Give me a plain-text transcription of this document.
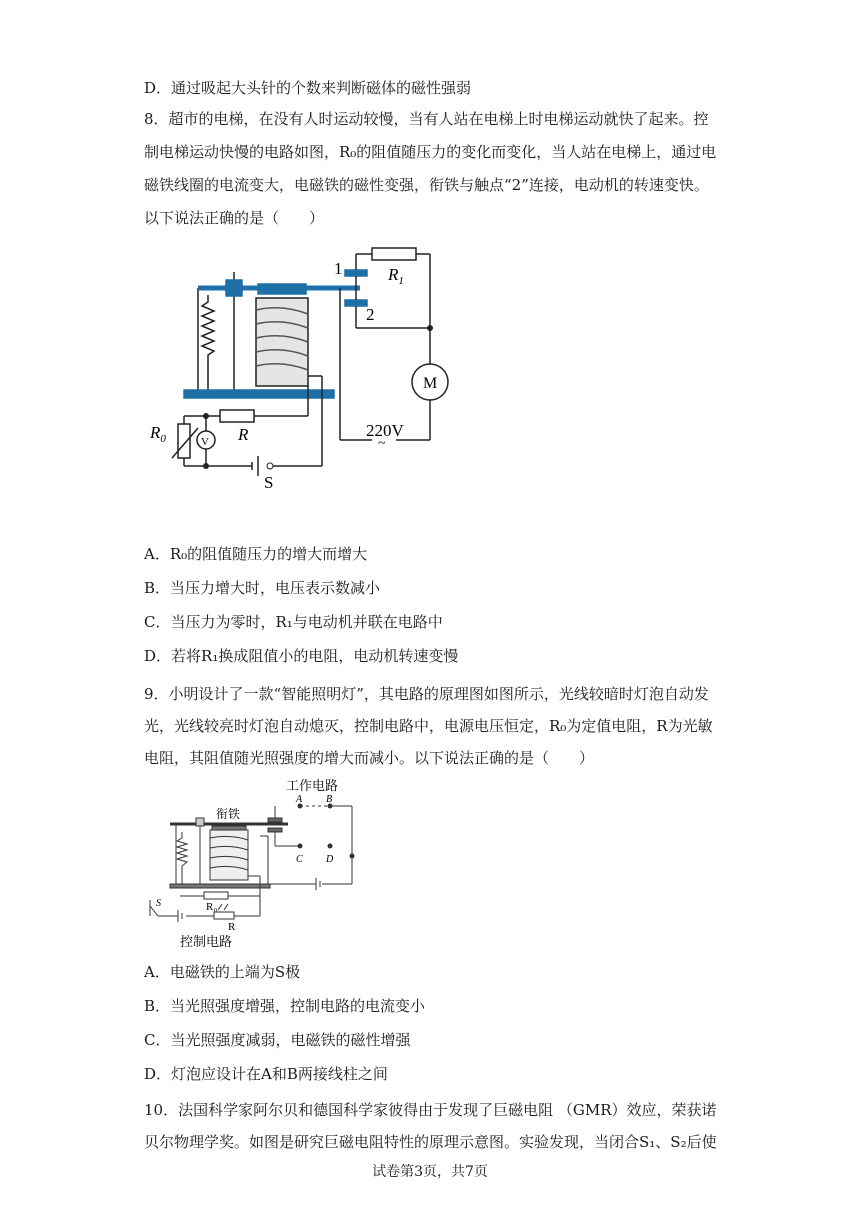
D．通过吸起大头针的个数来判断磁体的磁性强弱
8．超市的电梯，在没有人时运动较慢，当有人站在电梯上时电梯运动就快了起来。控
制电梯运动快慢的电路如图，R₀的阻值随压力的变化而变化，当人站在电梯上，通过电
磁铁线圈的电流变大，电磁铁的磁性变强，衔铁与触点“2”连接，电动机的转速变快。
以下说法正确的是（　　）
1
2
$R_1$
M
$R_0$	V R	220V
~
S
A．R₀的阻值随压力的增大而增大
B．当压力增大时，电压表示数减小
C．当压力为零时，R₁与电动机并联在电路中
D．若将R₁换成阻值小的电阻，电动机转速变慢
9．小明设计了一款“智能照明灯”，其电路的原理图如图所示，光线较暗时灯泡自动发
光，光线较亮时灯泡自动熄灭，控制电路中，电源电压恒定，R₀为定值电阻，R为光敏
电阻，其阻值随光照强度的增大而减小。以下说法正确的是（　　）
工作电路
衔铁
A B
C D
R₀
R
S
控制电路
A．电磁铁的上端为S极
B．当光照强度增强，控制电路的电流变小
C．当光照强度减弱，电磁铁的磁性增强
D．灯泡应设计在A和B两接线柱之间
10．法国科学家阿尔贝和德国科学家彼得由于发现了巨磁电阻 （GMR）效应，荣获诺
贝尔物理学奖。如图是研究巨磁电阻特性的原理示意图。实验发现，当闭合S₁、S₂后使
试卷第3页，共7页
